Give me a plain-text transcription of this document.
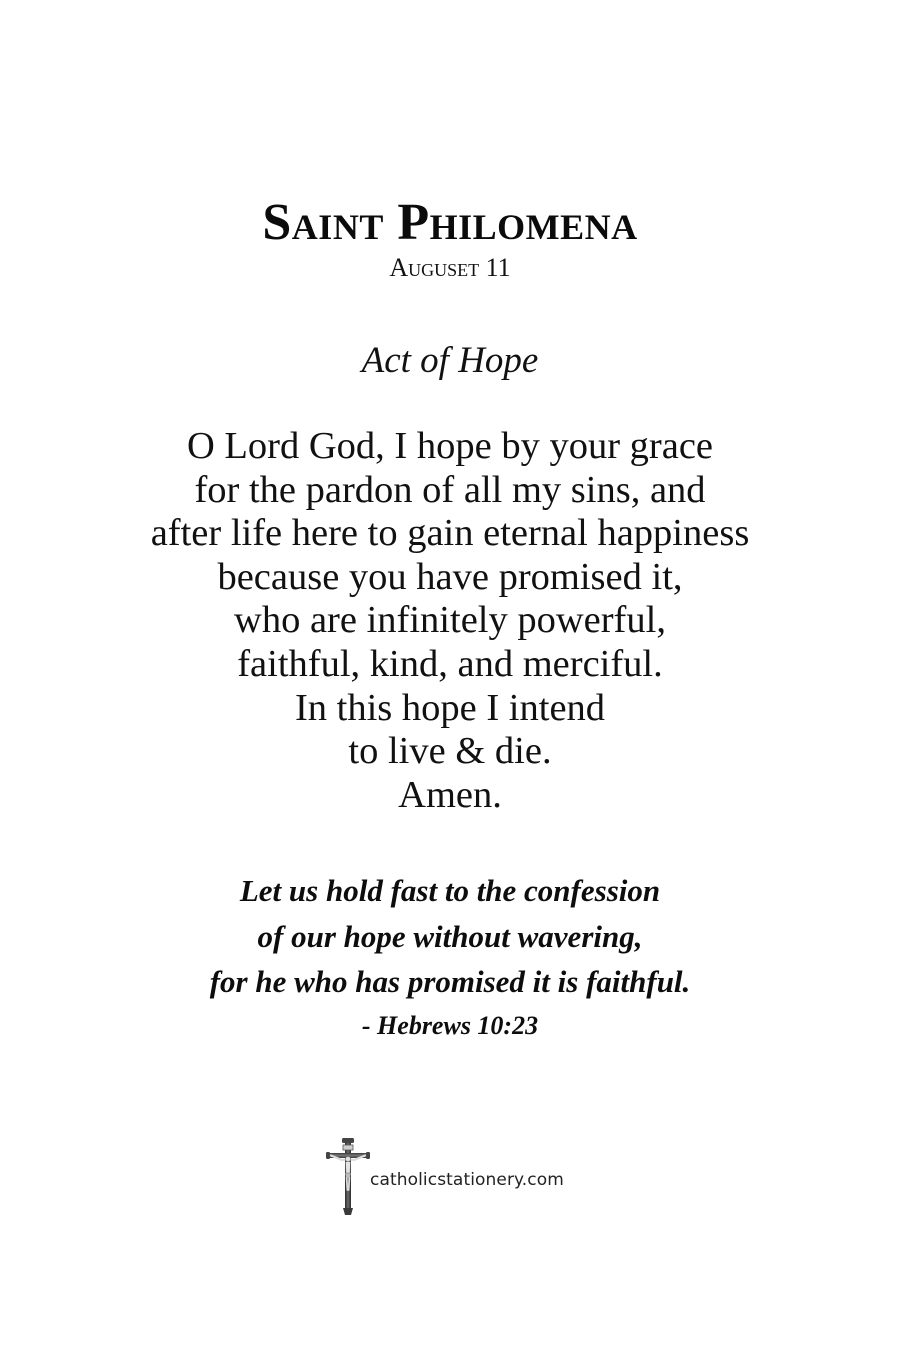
Saint Philomena
Auguset 11
Act of Hope
O Lord God, I hope by your grace
for the pardon of all my sins, and
after life here to gain eternal happiness
because you have promised it,
who are infinitely powerful,
faithful, kind, and merciful.
In this hope I intend
to live & die.
Amen.
Let us hold fast to the confession
of our hope without wavering,
for he who has promised it is faithful.
- Hebrews 10:23
catholicstationery.com
